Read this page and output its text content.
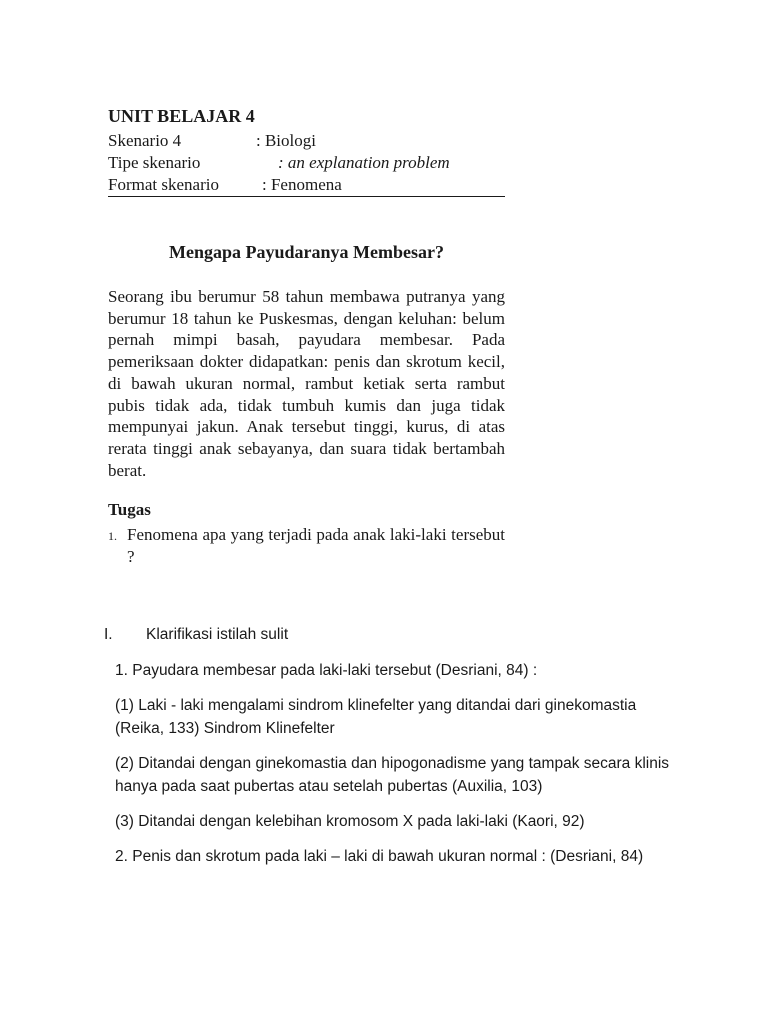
UNIT BELAJAR 4
Skenario 4	: Biologi
Tipe skenario	: an explanation problem
Format skenario	: Fenomena
Mengapa Payudaranya Membesar?

Seorang ibu berumur 58 tahun membawa putranya yang berumur 18 tahun ke Puskesmas, dengan keluhan: belum pernah mimpi basah, payudara membesar. Pada pemeriksaan dokter didapatkan: penis dan skrotum kecil, di bawah ukuran normal, rambut ketiak serta rambut pubis tidak ada, tidak tumbuh kumis dan juga tidak mempunyai jakun. Anak tersebut tinggi, kurus, di atas rerata tinggi anak sebayanya, dan suara tidak bertambah berat.

Tugas
1. Fenomena apa yang terjadi pada anak laki-laki tersebut ?
I. Klarifikasi istilah sulit

1. Payudara membesar pada laki-laki tersebut (Desriani, 84) :

(1) Laki - laki mengalami sindrom klinefelter yang ditandai dari ginekomastia (Reika, 133) Sindrom Klinefelter

(2) Ditandai dengan ginekomastia dan hipogonadisme yang tampak secara klinis hanya pada saat pubertas atau setelah pubertas (Auxilia, 103)

(3) Ditandai dengan kelebihan kromosom X pada laki-laki (Kaori, 92)

2. Penis dan skrotum pada laki – laki di bawah ukuran normal : (Desriani, 84)
